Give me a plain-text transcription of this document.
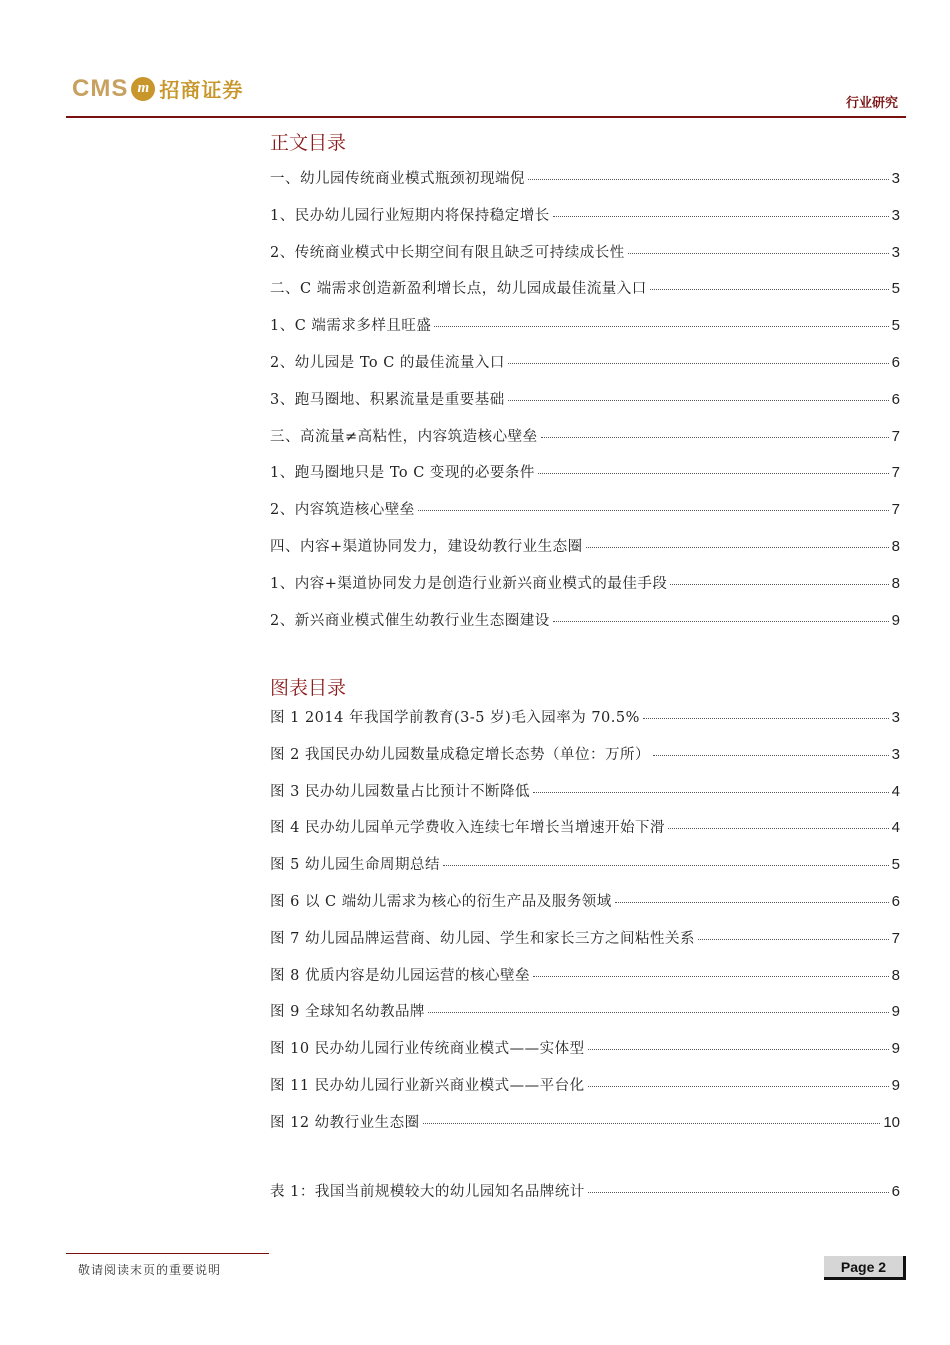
CMS m 招商证券
行业研究
正文目录
一、幼儿园传统商业模式瓶颈初现端倪	3
1、民办幼儿园行业短期内将保持稳定增长	3
2、传统商业模式中长期空间有限且缺乏可持续成长性	3
二、C 端需求创造新盈利增长点，幼儿园成最佳流量入口	5
1、C 端需求多样且旺盛	5
2、幼儿园是 To C 的最佳流量入口	6
3、跑马圈地、积累流量是重要基础	6
三、高流量≠高粘性，内容筑造核心壁垒	7
1、跑马圈地只是 To C 变现的必要条件	7
2、内容筑造核心壁垒	7
四、内容+渠道协同发力，建设幼教行业生态圈	8
1、内容+渠道协同发力是创造行业新兴商业模式的最佳手段	8
2、新兴商业模式催生幼教行业生态圈建设	9
图表目录
图 1 2014 年我国学前教育(3-5 岁)毛入园率为 70.5%	3
图 2 我国民办幼儿园数量成稳定增长态势（单位：万所）	3
图 3 民办幼儿园数量占比预计不断降低	4
图 4 民办幼儿园单元学费收入连续七年增长当增速开始下滑	4
图 5 幼儿园生命周期总结	5
图 6 以 C 端幼儿需求为核心的衍生产品及服务领域	6
图 7 幼儿园品牌运营商、幼儿园、学生和家长三方之间粘性关系	7
图 8 优质内容是幼儿园运营的核心壁垒	8
图 9 全球知名幼教品牌	9
图 10 民办幼儿园行业传统商业模式——实体型	9
图 11 民办幼儿园行业新兴商业模式——平台化	9
图 12 幼教行业生态圈	10
表 1：我国当前规模较大的幼儿园知名品牌统计	6
敬请阅读末页的重要说明	Page 2
